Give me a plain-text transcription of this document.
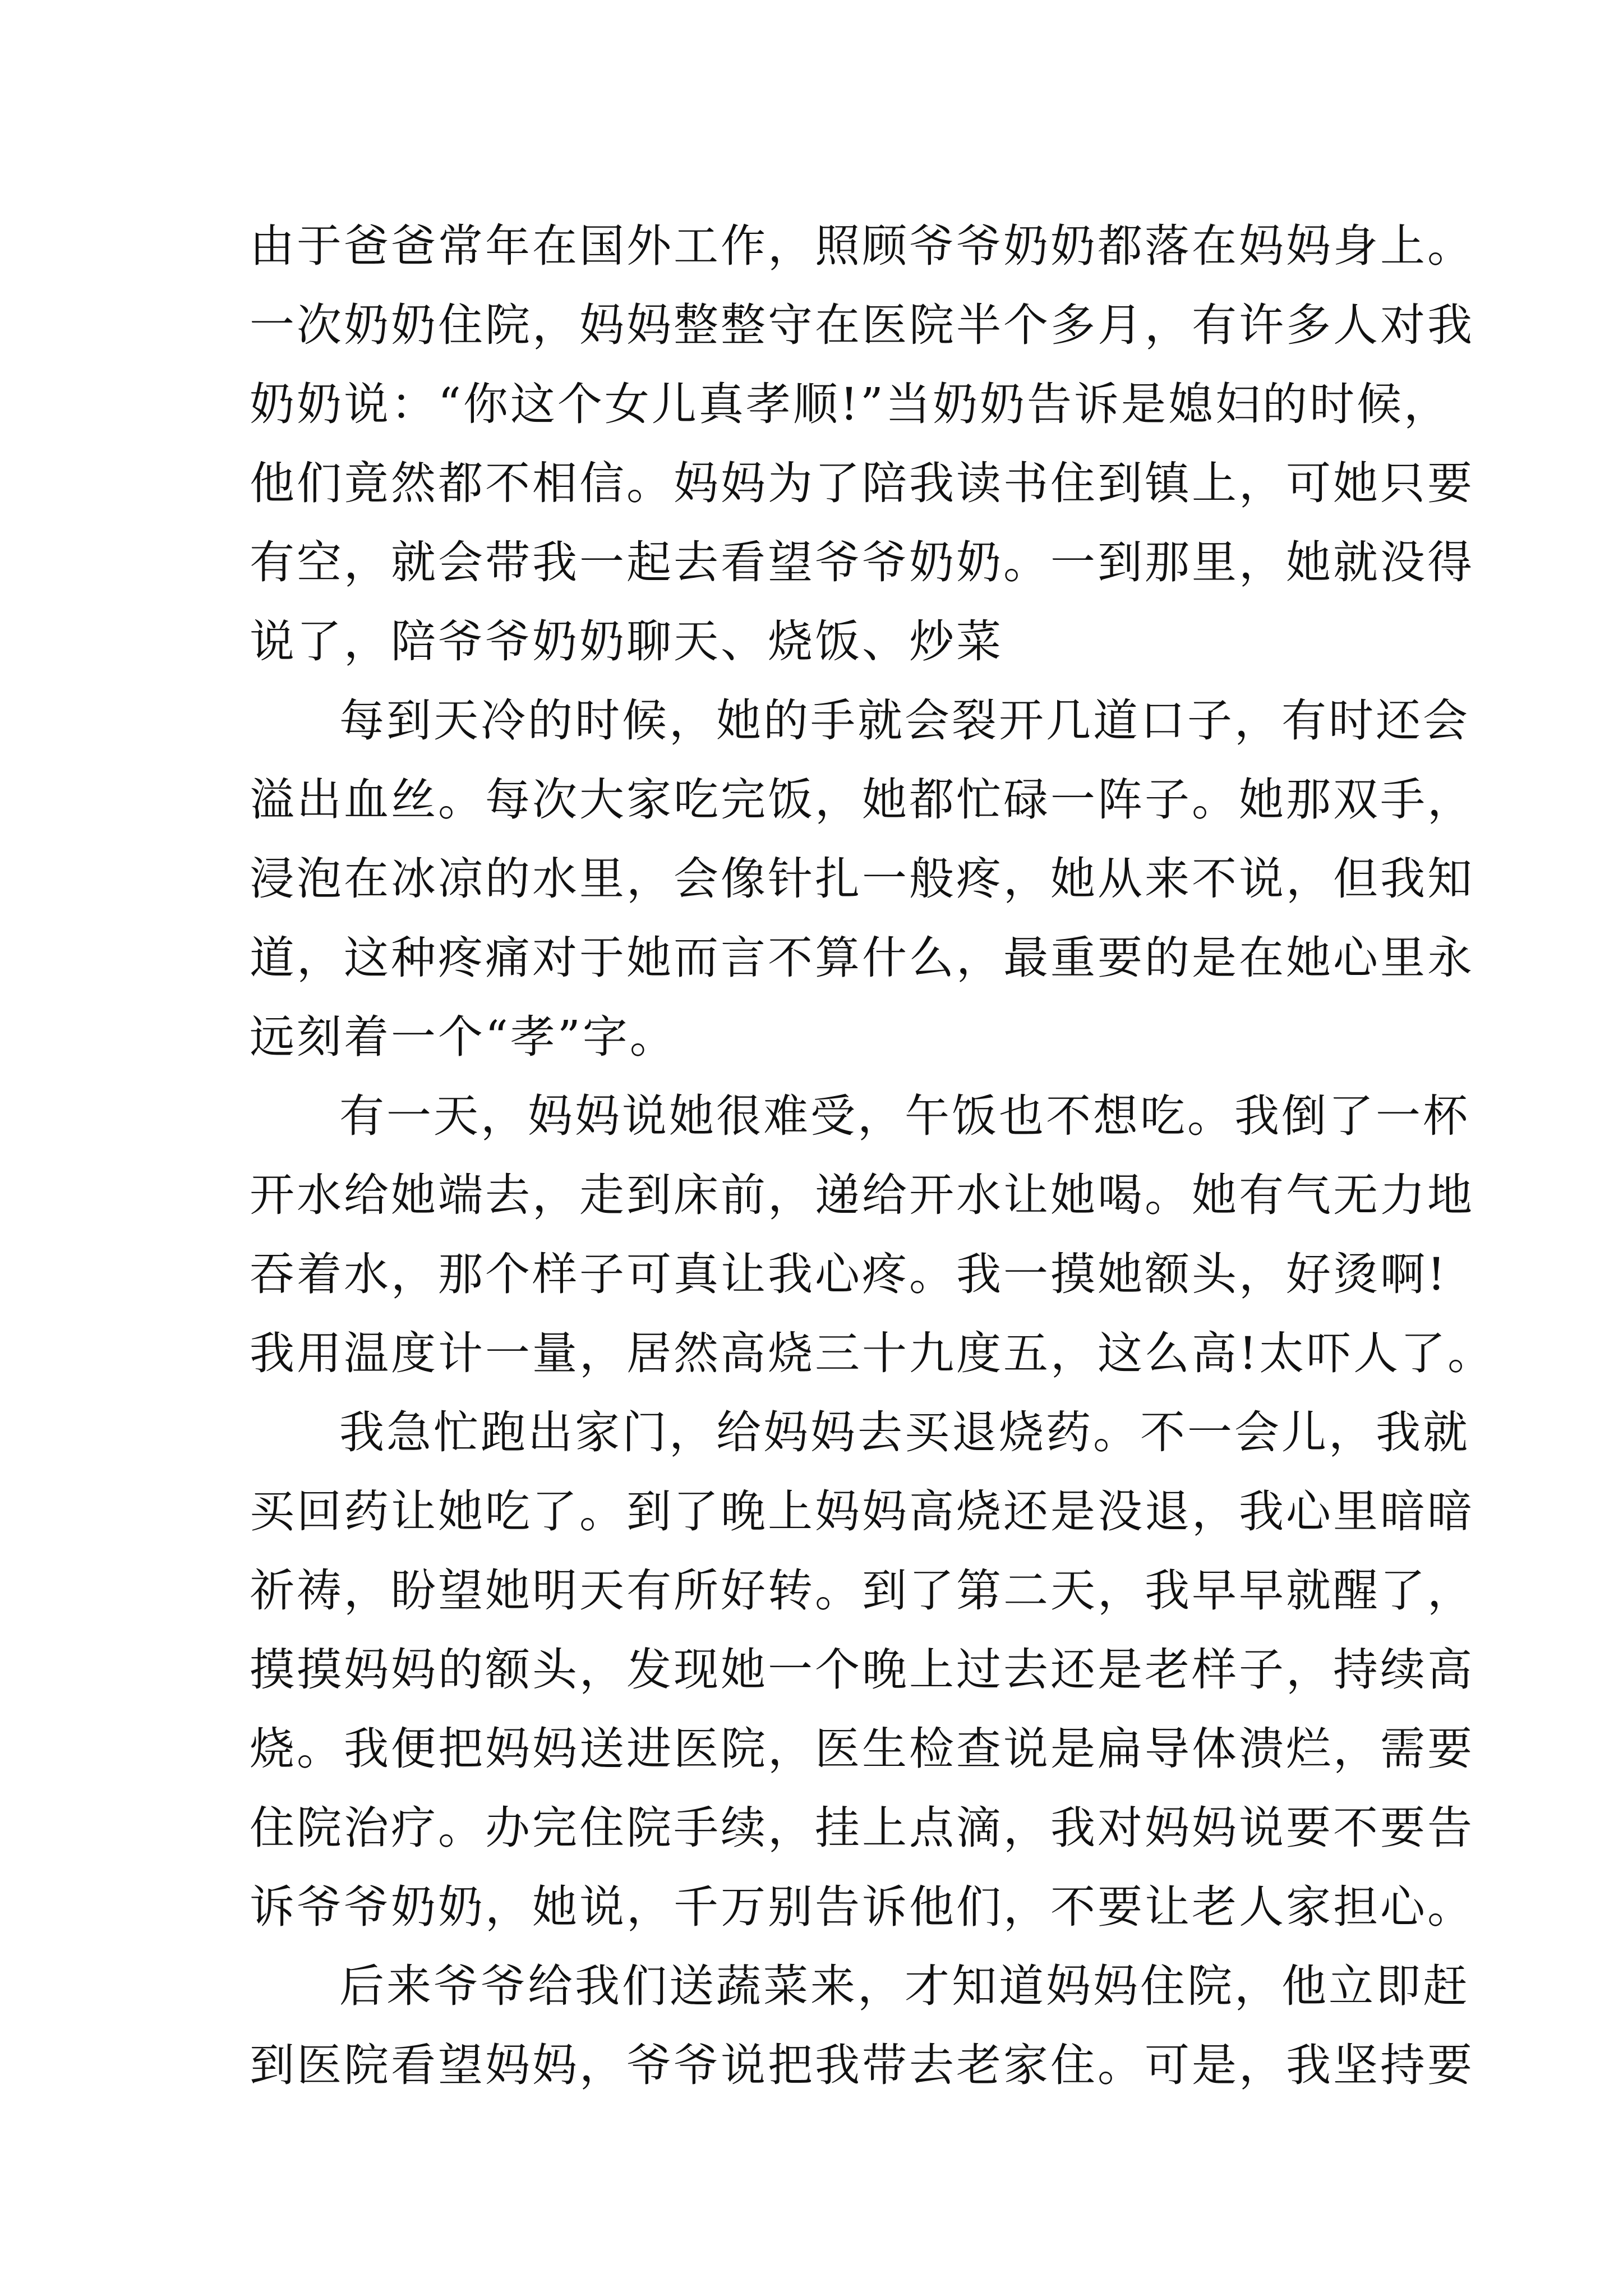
由于爸爸常年在国外工作，照顾爷爷奶奶都落在妈妈身上。
一次奶奶住院，妈妈整整守在医院半个多月，有许多人对我
奶奶说：“你这个女儿真孝顺!”当奶奶告诉是媳妇的时候，
他们竟然都不相信。妈妈为了陪我读书住到镇上，可她只要
有空，就会带我一起去看望爷爷奶奶。一到那里，她就没得
说了，陪爷爷奶奶聊天、烧饭、炒菜
每到天冷的时候，她的手就会裂开几道口子，有时还会
溢出血丝。每次大家吃完饭，她都忙碌一阵子。她那双手，
浸泡在冰凉的水里，会像针扎一般疼，她从来不说，但我知
道，这种疼痛对于她而言不算什么，最重要的是在她心里永
远刻着一个“孝”字。
有一天，妈妈说她很难受，午饭也不想吃。我倒了一杯
开水给她端去，走到床前，递给开水让她喝。她有气无力地
吞着水，那个样子可真让我心疼。我一摸她额头，好烫啊!
我用温度计一量，居然高烧三十九度五，这么高!太吓人了。
我急忙跑出家门，给妈妈去买退烧药。不一会儿，我就
买回药让她吃了。到了晚上妈妈高烧还是没退，我心里暗暗
祈祷，盼望她明天有所好转。到了第二天，我早早就醒了，
摸摸妈妈的额头，发现她一个晚上过去还是老样子，持续高
烧。我便把妈妈送进医院，医生检查说是扁导体溃烂，需要
住院治疗。办完住院手续，挂上点滴，我对妈妈说要不要告
诉爷爷奶奶，她说，千万别告诉他们，不要让老人家担心。
后来爷爷给我们送蔬菜来，才知道妈妈住院，他立即赶
到医院看望妈妈，爷爷说把我带去老家住。可是，我坚持要
